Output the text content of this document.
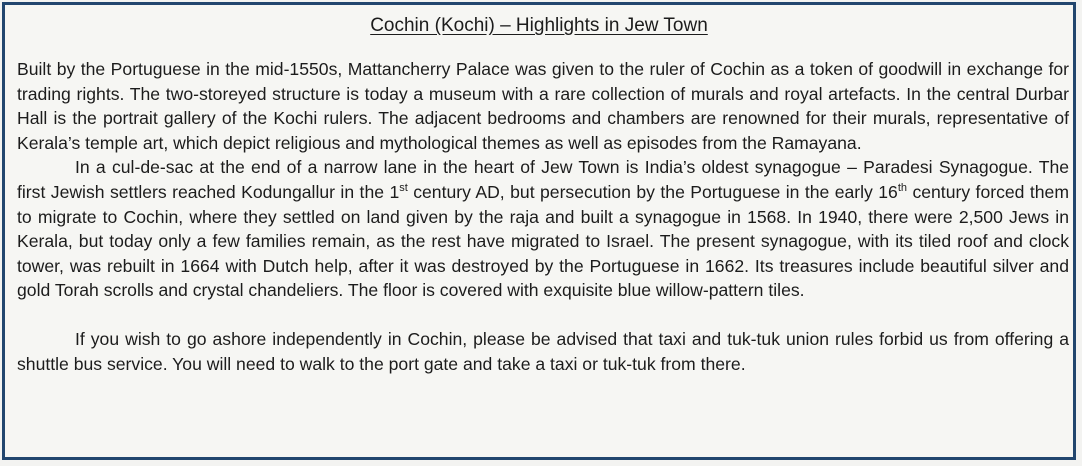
Cochin (Kochi) – Highlights in Jew Town

Built by the Portuguese in the mid-1550s, Mattancherry Palace was given to the ruler of Cochin as a token of goodwill in exchange for trading rights. The two-storeyed structure is today a museum with a rare collection of murals and royal artefacts. In the central Durbar Hall is the portrait gallery of the Kochi rulers. The adjacent bedrooms and chambers are renowned for their murals, representative of Kerala’s temple art, which depict religious and mythological themes as well as episodes from the Ramayana.

In a cul-de-sac at the end of a narrow lane in the heart of Jew Town is India’s oldest synagogue – Paradesi Synagogue. The first Jewish settlers reached Kodungallur in the 1st century AD, but persecution by the Portuguese in the early 16th century forced them to migrate to Cochin, where they settled on land given by the raja and built a synagogue in 1568. In 1940, there were 2,500 Jews in Kerala, but today only a few families remain, as the rest have migrated to Israel. The present synagogue, with its tiled roof and clock tower, was rebuilt in 1664 with Dutch help, after it was destroyed by the Portuguese in 1662. Its treasures include beautiful silver and gold Torah scrolls and crystal chandeliers. The floor is covered with exquisite blue willow-pattern tiles.

If you wish to go ashore independently in Cochin, please be advised that taxi and tuk-tuk union rules forbid us from offering a shuttle bus service. You will need to walk to the port gate and take a taxi or tuk-tuk from there.
